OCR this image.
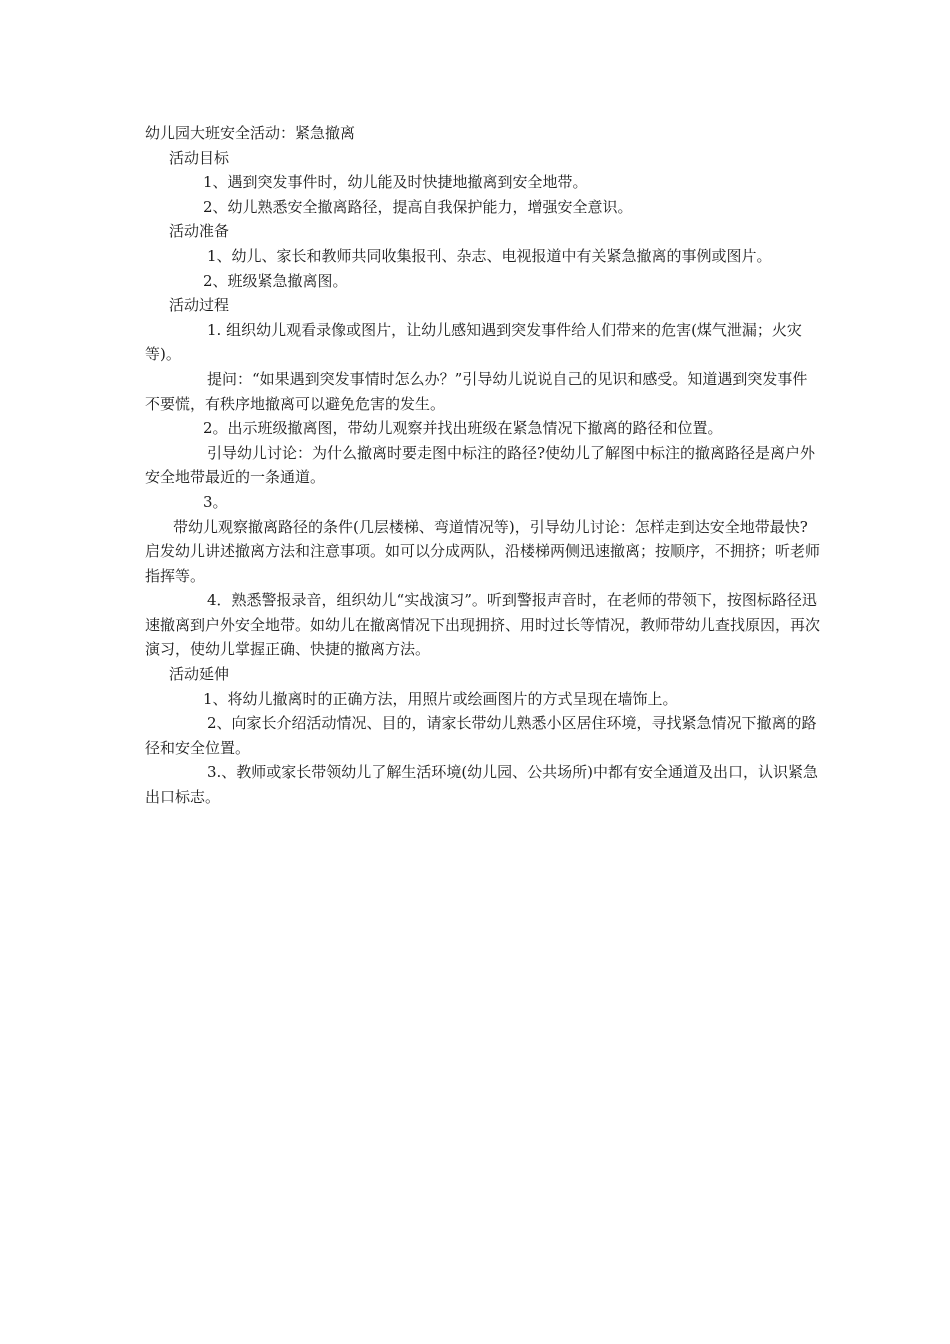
幼儿园大班安全活动：紧急撤离

活动目标

1、遇到突发事件时，幼儿能及时快捷地撤离到安全地带。

2、幼儿熟悉安全撤离路径，提高自我保护能力，增强安全意识。

活动准备

1、幼儿、家长和教师共同收集报刊、杂志、电视报道中有关紧急撤离的事例或图片。

2、班级紧急撤离图。

活动过程

1. 组织幼儿观看录像或图片，让幼儿感知遇到突发事件给人们带来的危害(煤气泄漏；火灾等)。

提问：“如果遇到突发事情时怎么办？”引导幼儿说说自己的见识和感受。知道遇到突发事件不要慌，有秩序地撤离可以避免危害的发生。

2。出示班级撤离图，带幼儿观察并找出班级在紧急情况下撤离的路径和位置。

引导幼儿讨论：为什么撤离时要走图中标注的路径?使幼儿了解图中标注的撤离路径是离户外安全地带最近的一条通道。

3。

带幼儿观察撤离路径的条件(几层楼梯、弯道情况等)，引导幼儿讨论：怎样走到达安全地带最快?启发幼儿讲述撤离方法和注意事项。如可以分成两队，沿楼梯两侧迅速撤离；按顺序，不拥挤；听老师指挥等。

4．熟悉警报录音，组织幼儿“实战演习”。听到警报声音时，在老师的带领下，按图标路径迅速撤离到户外安全地带。如幼儿在撤离情况下出现拥挤、用时过长等情况，教师带幼儿查找原因，再次演习，使幼儿掌握正确、快捷的撤离方法。

活动延伸

1、将幼儿撤离时的正确方法，用照片或绘画图片的方式呈现在墙饰上。

2、向家长介绍活动情况、目的，请家长带幼儿熟悉小区居住环境，寻找紧急情况下撤离的路径和安全位置。

3.、教师或家长带领幼儿了解生活环境(幼儿园、公共场所)中都有安全通道及出口，认识紧急出口标志。
